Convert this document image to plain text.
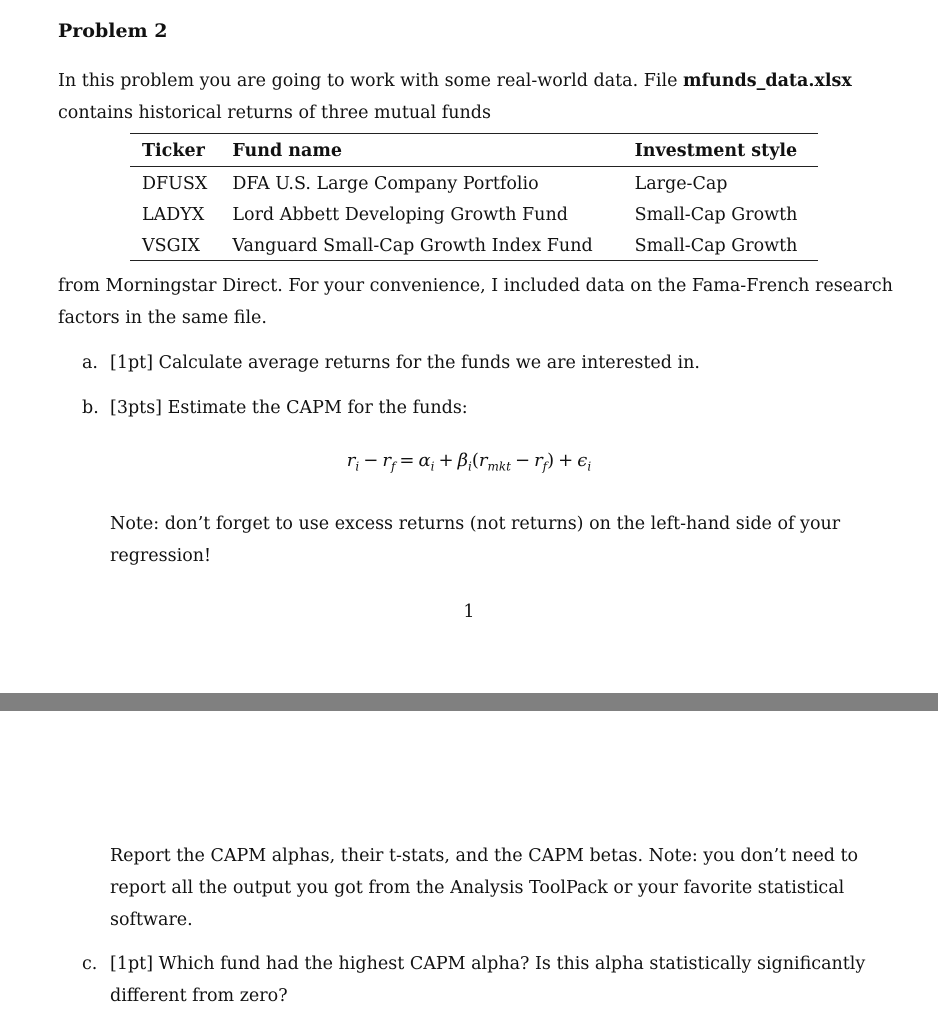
Problem 2
In this problem you are going to work with some real-world data. File mfunds_data.xlsx contains historical returns of three mutual funds
Ticker	Fund name	Investment style
DFUSX	DFA U.S. Large Company Portfolio	Large-Cap
LADYX	Lord Abbett Developing Growth Fund	Small-Cap Growth
VSGIX	Vanguard Small-Cap Growth Index Fund	Small-Cap Growth
from Morningstar Direct. For your convenience, I included data on the Fama-French research factors in the same file.
a. [1pt] Calculate average returns for the funds we are interested in.
b. [3pts] Estimate the CAPM for the funds:
$r_i - r_f = \alpha_i + \beta_i(r_{mkt} - r_f) + \epsilon_i$
Note: don’t forget to use excess returns (not returns) on the left-hand side of your regression!
1
Report the CAPM alphas, their t-stats, and the CAPM betas. Note: you don’t need to report all the output you got from the Analysis ToolPack or your favorite statistical software.
c. [1pt] Which fund had the highest CAPM alpha? Is this alpha statistically significantly different from zero?
